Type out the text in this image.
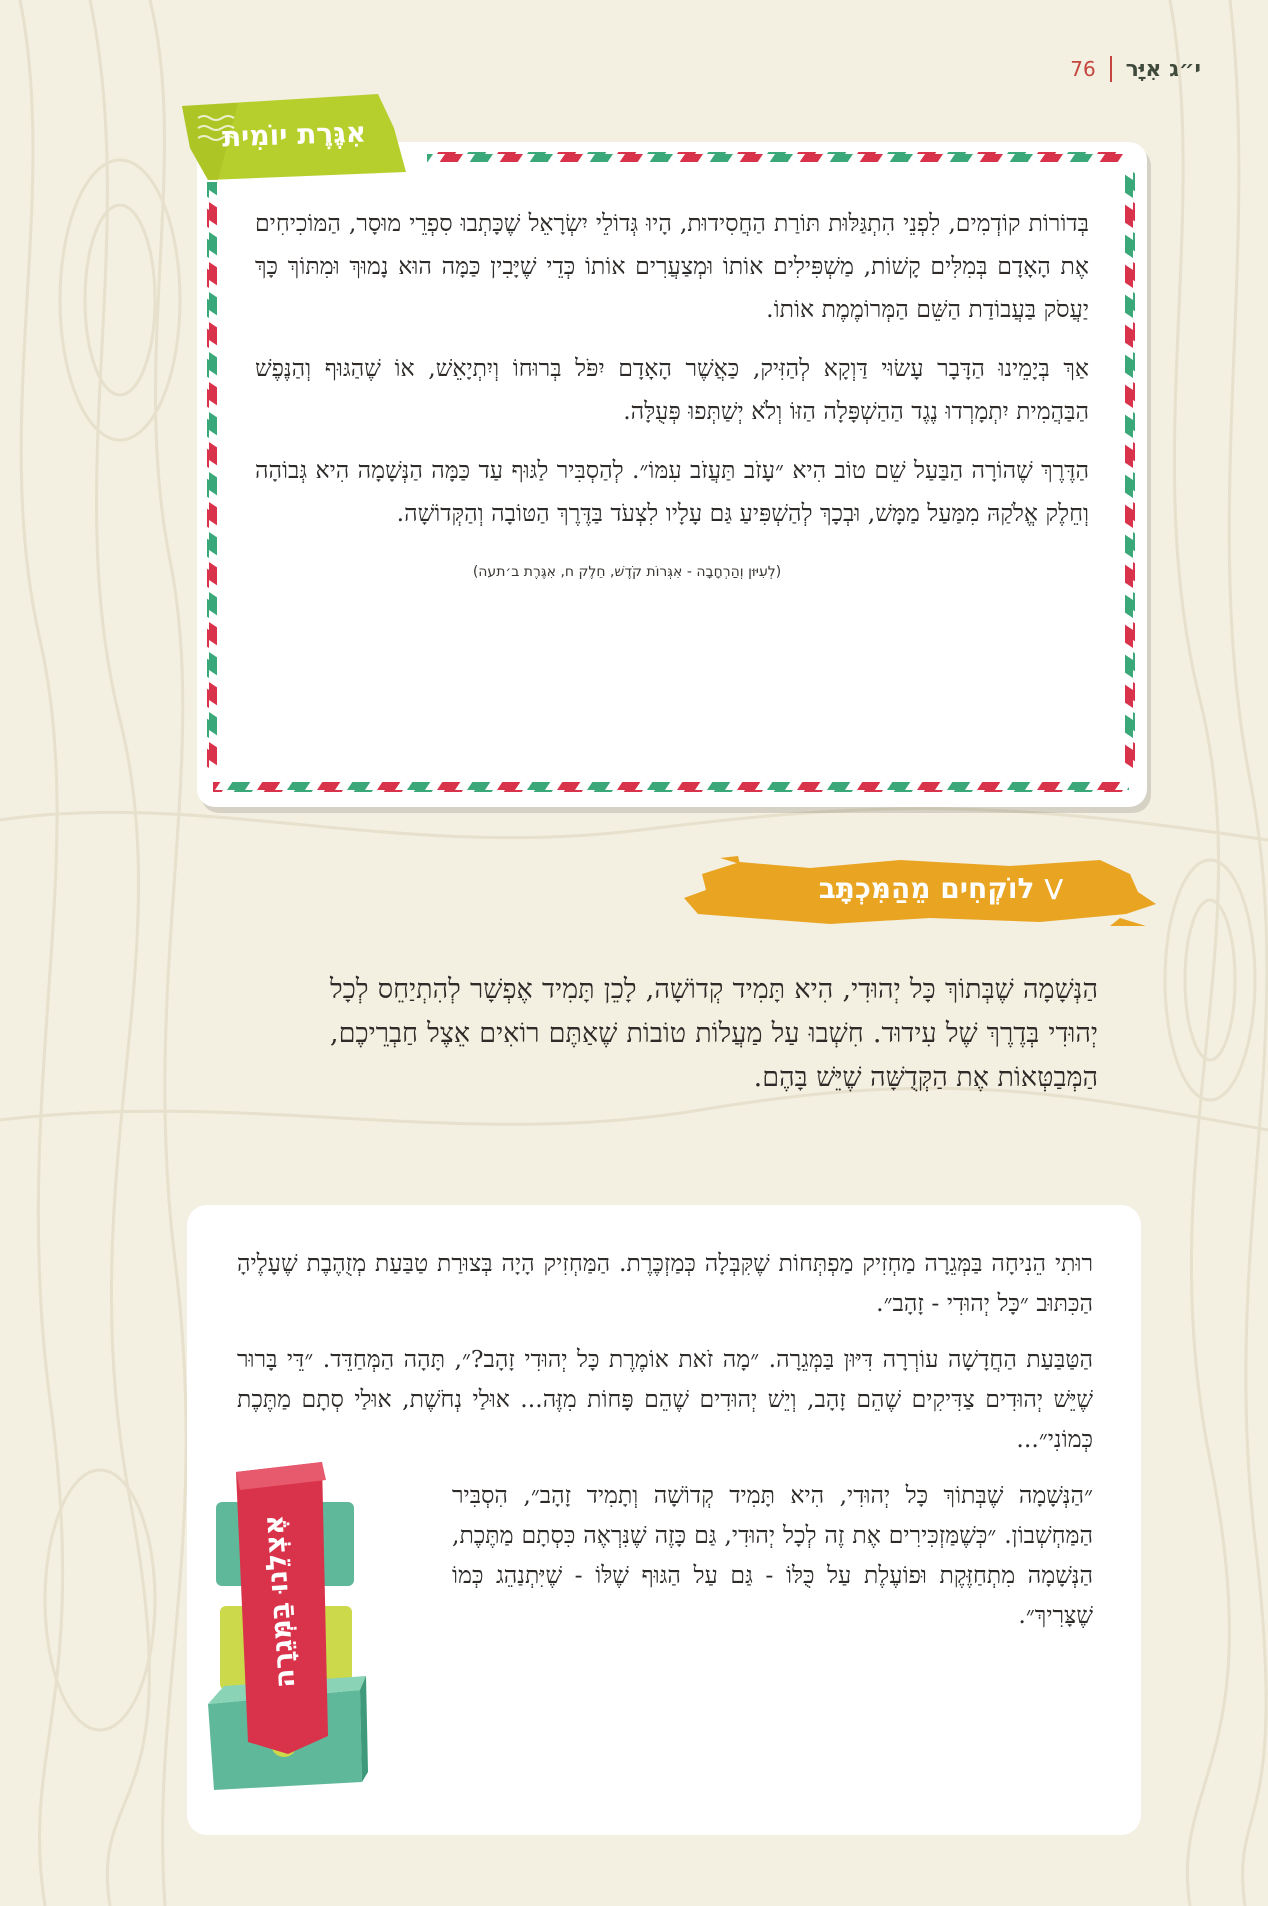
76 י״ג אִיָּר
אִגֶּרֶת יוֹמִית

בְּדוֹרוֹת קוֹדְמִים, לִפְנֵי הִתְגַּלּוּת תּוֹרַת הַחֲסִידוּת, הָיוּ גְּדוֹלֵי יִשְׂרָאֵל שֶׁכָּתְבוּ סִפְרֵי מוּסָר, הַמּוֹכִיחִים אֶת הָאָדָם בְּמִלִּים קָשׁוֹת, מַשְׁפִּילִים אוֹתוֹ וּמְצַעֲרִים אוֹתוֹ כְּדֵי שֶׁיָּבִין כַּמָּה הוּא נָמוּךְ וּמִתּוֹךְ כָּךְ יַעֲסֹק בַּעֲבוֹדַת הַשֵּׁם הַמְּרוֹמֶמֶת אוֹתוֹ.

אַךְ בְּיָמֵינוּ הַדָּבָר עָשׂוּי דַּוְקָא לְהַזִּיק, כַּאֲשֶׁר הָאָדָם יִפֹּל בְּרוּחוֹ וְיִתְיָאֵשׁ, אוֹ שֶׁהַגּוּף וְהַנֶּפֶשׁ הַבַּהֲמִית יִתְמָרְדוּ נֶגֶד הַהַשְׁפָּלָה הַזּוֹ וְלֹא יְשַׁתְּפוּ פְּעֻלָּה.

הַדֶּרֶךְ שֶׁהוֹרָה הַבַּעַל שֵׁם טוֹב הִיא ״עָזֹב תַּעֲזֹב עִמּוֹ״. לְהַסְבִּיר לַגּוּף עַד כַּמָּה הַנְּשָׁמָה הִיא גְּבוֹהָה וְחֵלֶק אֱלֹקַהּ מִמַּעַל מַמָּשׁ, וּבְכָךְ לְהַשְׁפִּיעַ גַּם עָלָיו לִצְעֹד בַּדֶּרֶךְ הַטּוֹבָה וְהַקְּדוֹשָׁה.

(לְעִיּוּן וְהַרְחָבָה - אִגְּרוֹת קֹדֶשׁ, חֵלֶק ח, אִגֶּרֶת ב׳תעה)
⋁
לוֹקְחִים מֵהַמִּכְתָּב
הַנְּשָׁמָה שֶׁבְּתוֹךְ כָּל יְהוּדִי, הִיא תָּמִיד קְדוֹשָׁה, לָכֵן תָּמִיד אֶפְשָׁר לְהִתְיַחֵס לְכָל יְהוּדִי בְּדֶרֶךְ שֶׁל עִידוּד. חִשְׁבוּ עַל מַעֲלוֹת טוֹבוֹת שֶׁאַתֶּם רוֹאִים אֵצֶל חַבְרֵיכֶם, הַמְּבַטְּאוֹת אֶת הַקְּדֻשָּׁה שֶׁיֵּשׁ בָּהֶם.

רוּתִי הֵנִיחָה בַּמְּגֵרָה מַחְזִיק מַפְתְּחוֹת שֶׁקִּבְּלָה כְּמַזְכֶּרֶת. הַמַּחְזִיק הָיָה בְּצוּרַת טַבַּעַת מְזֻהֶבֶת שֶׁעָלֶיהָ הַכִּתּוּב ״כָּל יְהוּדִי - זָהָב״.

הַטַּבַּעַת הַחֲדָשָׁה עוֹרְרָה דִּיּוּן בַּמְּגֵרָה. ״מָה זֹאת אוֹמֶרֶת כָּל יְהוּדִי זָהָב?״, תָּהָה הַמְּחַדֵּד. ״דֵּי בָּרוּר שֶׁיֵּשׁ יְהוּדִים צַדִּיקִים שֶׁהֵם זָהָב, וְיֵשׁ יְהוּדִים שֶׁהֵם פָּחוֹת מִזֶּה... אוּלַי נְחֹשֶׁת, אוּלַי סְתָם מַתֶּכֶת כְּמוֹנִי״...

״הַנְּשָׁמָה שֶׁבְּתוֹךְ כָּל יְהוּדִי, הִיא תָּמִיד קְדוֹשָׁה וְתָמִיד זָהָב״, הִסְבִּיר הַמַּחְשְׁבוֹן. ״כְּשֶׁמַּזְכִּירִים אֶת זֶה לְכָל יְהוּדִי, גַּם כָּזֶה שֶׁנִּרְאֶה כִּסְתָם מַתֶּכֶת, הַנְּשָׁמָה מִתְחַזֶּקֶת וּפוֹעֶלֶת עַל כֻּלּוֹ - גַּם עַל הַגּוּף שֶׁלּוֹ - שֶׁיִּתְנַהֵג כְּמוֹ שֶׁצָּרִיךְ״.

אֶצְלֵנוּ בַּמְּגֵרָה
